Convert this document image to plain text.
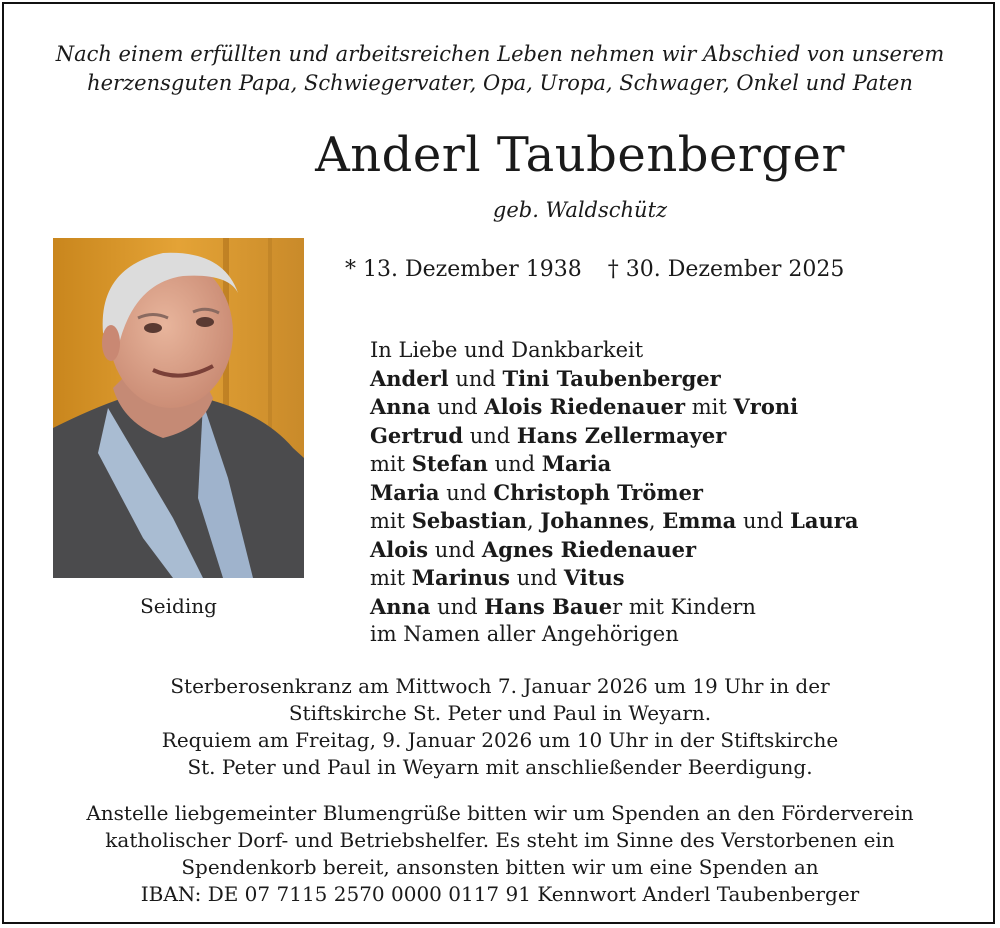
Nach einem erfüllten und arbeitsreichen Leben nehmen wir Abschied von unserem
herzensguten Papa, Schwiegervater, Opa, Uropa, Schwager, Onkel und Paten
Anderl Taubenberger
geb. Waldschütz
* 13. Dezember 1938 † 30. Dezember 2025
Seiding
In Liebe und Dankbarkeit
Anderl und Tini Taubenberger
Anna und Alois Riedenauer mit Vroni
Gertrud und Hans Zellermayer
mit Stefan und Maria
Maria und Christoph Trömer
mit Sebastian, Johannes, Emma und Laura
Alois und Agnes Riedenauer
mit Marinus und Vitus
Anna und Hans Bauer mit Kindern
im Namen aller Angehörigen
Sterberosenkranz am Mittwoch 7. Januar 2026 um 19 Uhr in der
Stiftskirche St. Peter und Paul in Weyarn.
Requiem am Freitag, 9. Januar 2026 um 10 Uhr in der Stiftskirche
St. Peter und Paul in Weyarn mit anschließender Beerdigung.
Anstelle liebgemeinter Blumengrüße bitten wir um Spenden an den Förderverein
katholischer Dorf- und Betriebshelfer. Es steht im Sinne des Verstorbenen ein
Spendenkorb bereit, ansonsten bitten wir um eine Spenden an
IBAN: DE 07 7115 2570 0000 0117 91 Kennwort Anderl Taubenberger
